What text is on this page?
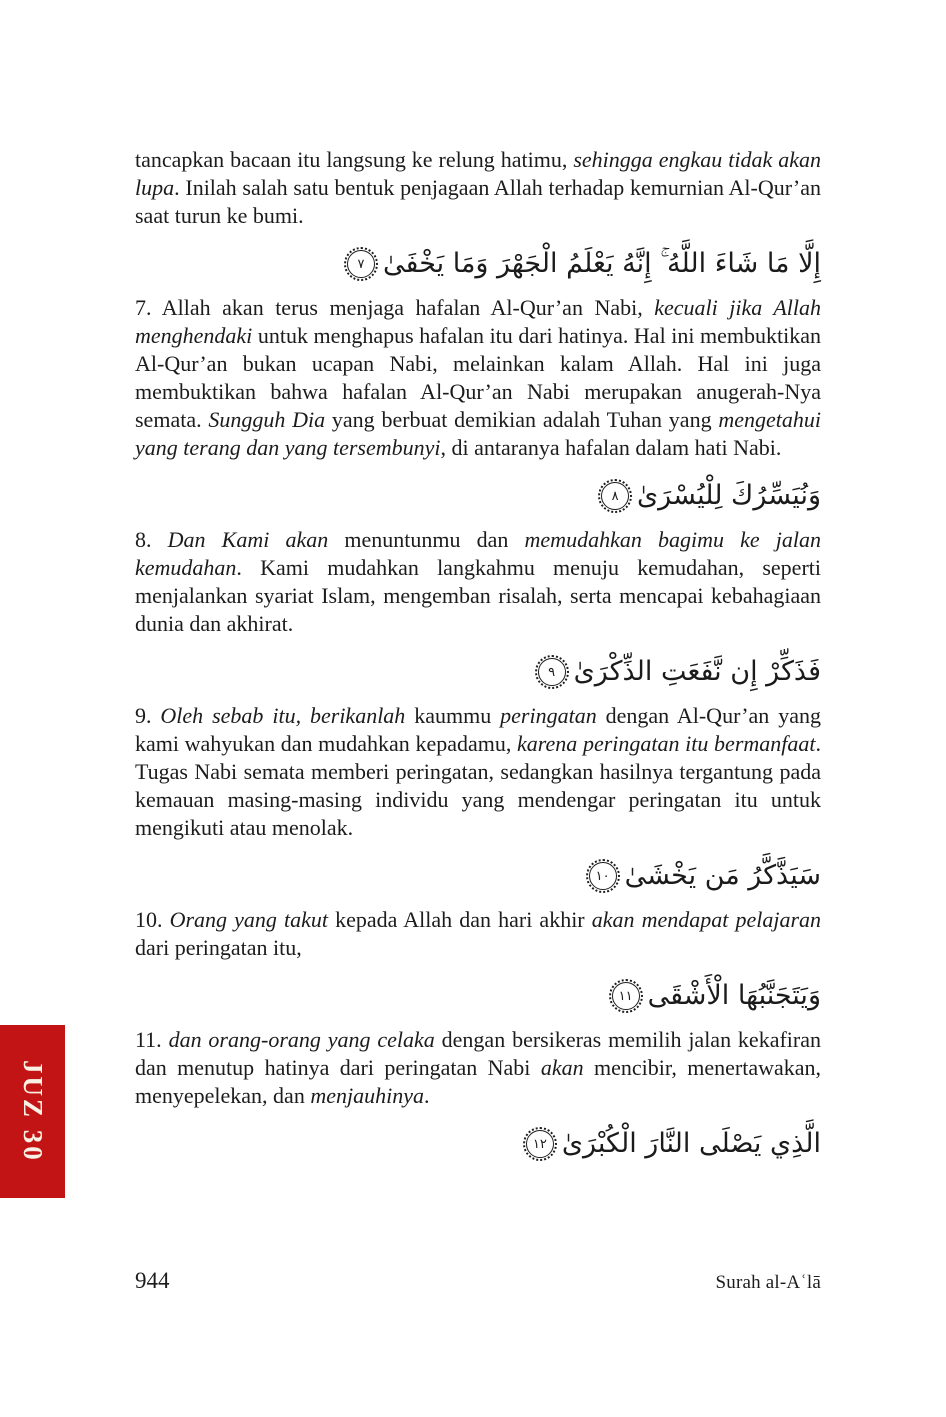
tancapkan bacaan itu langsung ke relung hatimu, sehingga engkau tidak akan lupa. Inilah salah satu bentuk penjagaan Allah terhadap kemurnian Al-Qur’an saat turun ke bumi.

إِلَّا مَا شَاءَ اللَّهُ ۚ إِنَّهُ يَعْلَمُ الْجَهْرَ وَمَا يَخْفَىٰ
٧

7. Allah akan terus menjaga hafalan Al-Qur’an Nabi, kecuali jika Allah menghendaki untuk menghapus hafalan itu dari hatinya. Hal ini membuktikan Al-Qur’an bukan ucapan Nabi, melainkan kalam Allah. Hal ini juga membuktikan bahwa hafalan Al-Qur’an Nabi merupakan anugerah-Nya semata. Sungguh Dia yang berbuat demikian adalah Tuhan yang mengetahui yang terang dan yang tersembunyi, di antaranya hafalan dalam hati Nabi.

وَنُيَسِّرُكَ لِلْيُسْرَىٰ
٨

8. Dan Kami akan menuntunmu dan memudahkan bagimu ke jalan kemudahan. Kami mudahkan langkahmu menuju kemudahan, seperti menjalankan syariat Islam, mengemban risalah, serta mencapai kebahagiaan dunia dan akhirat.

فَذَكِّرْ إِن نَّفَعَتِ الذِّكْرَىٰ
٩

9. Oleh sebab itu, berikanlah kaummu peringatan dengan Al-Qur’an yang kami wahyukan dan mudahkan kepadamu, karena peringatan itu bermanfaat. Tugas Nabi semata memberi peringatan, sedangkan hasilnya tergantung pada kemauan masing-masing individu yang mendengar peringatan itu untuk mengikuti atau menolak.

سَيَذَّكَّرُ مَن يَخْشَىٰ
١٠

10. Orang yang takut kepada Allah dan hari akhir akan mendapat pelajaran dari peringatan itu,

وَيَتَجَنَّبُهَا الْأَشْقَى
١١

11. dan orang-orang yang celaka dengan bersikeras memilih jalan kekafiran dan menutup hatinya dari peringatan Nabi akan mencibir, menertawakan, menyepelekan, dan menjauhinya.

الَّذِي يَصْلَى النَّارَ الْكُبْرَىٰ
١٢
JUZ 30
944	Surah al-Aʿlā
